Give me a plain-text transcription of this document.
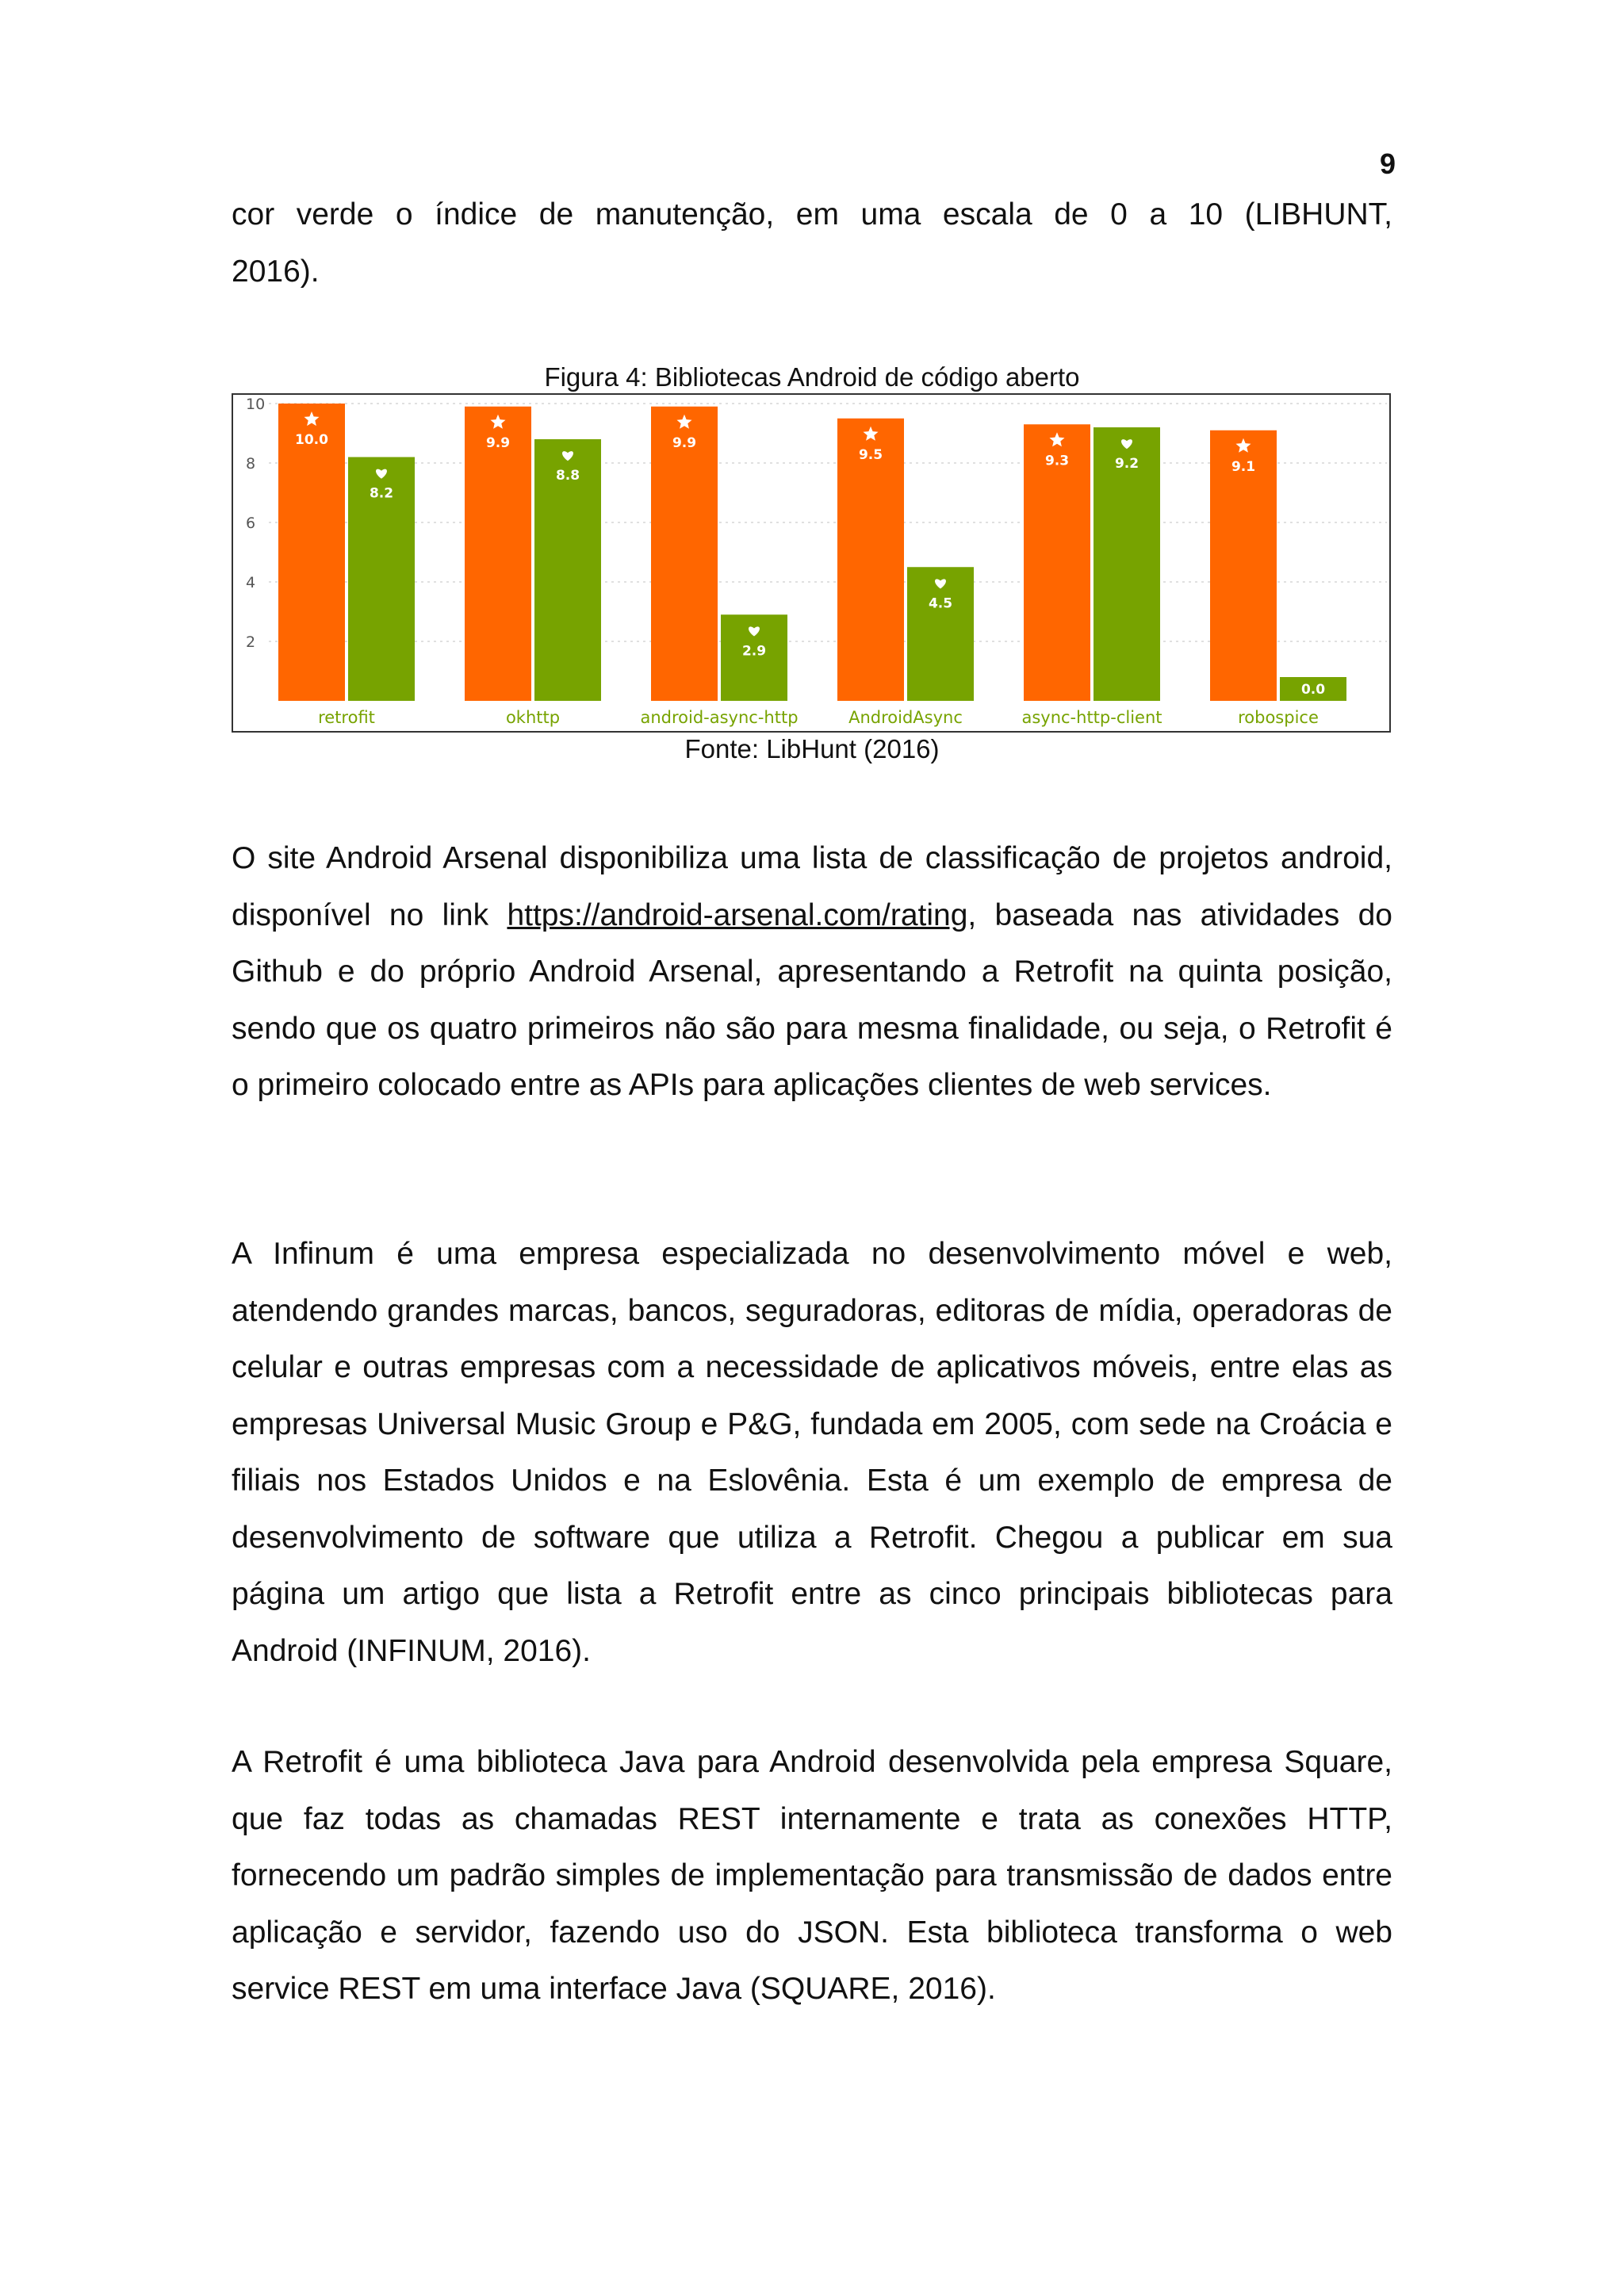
9

cor verde o índice de manutenção, em uma escala de 0 a 10 (LIBHUNT,
2016).

Figura 4: Bibliotecas Android de código aberto
2
4
6
8
10
10.0
8.2
retrofit
9.9
8.8
okhttp
9.9
2.9
android-async-http
9.5
4.5
AndroidAsync
9.3	9.2
async-http-client
9.1
0.0
robospice
Fonte: LibHunt (2016)

O site Android Arsenal disponibiliza uma lista de classificação de projetos android, disponível no link https://android-arsenal.com/rating, baseada nas atividades do Github e do próprio Android Arsenal, apresentando a Retrofit na quinta posição, sendo que os quatro primeiros não são para mesma finalidade, ou seja, o Retrofit é o primeiro colocado entre as APIs para aplicações clientes de web services.

A Infinum é uma empresa especializada no desenvolvimento móvel e web, atendendo grandes marcas, bancos, seguradoras, editoras de mídia, operadoras de celular e outras empresas com a necessidade de aplicativos móveis, entre elas as empresas Universal Music Group e P&G, fundada em 2005, com sede na Croácia e filiais nos Estados Unidos e na Eslovênia. Esta é um exemplo de empresa de desenvolvimento de software que utiliza a Retrofit. Chegou a publicar em sua página um artigo que lista a Retrofit entre as cinco principais bibliotecas para Android (INFINUM, 2016).

A Retrofit é uma biblioteca Java para Android desenvolvida pela empresa Square, que faz todas as chamadas REST internamente e trata as conexões HTTP, fornecendo um padrão simples de implementação para transmissão de dados entre aplicação e servidor, fazendo uso do JSON. Esta biblioteca transforma o web service REST em uma interface Java (SQUARE, 2016).
